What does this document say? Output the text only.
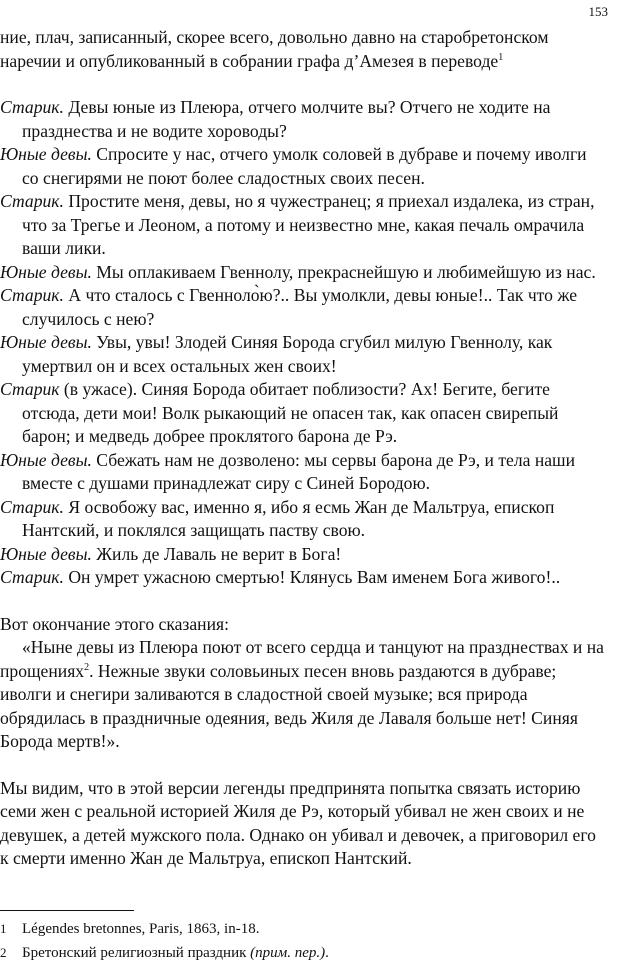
153

ние, плач, записанный, скорее всего, довольно давно на старобретонском наречии и опубликованный в собрании графа д’Амезея в переводе$^1$

Старик. Девы юные из Плеюра, отчего молчите вы? Отчего не ходите на празднества и не водите хороводы?

Юные девы. Спросите у нас, отчего умолк соловей в дубраве и почему иволги со снегирями не поют более сладостных своих песен.

Старик. Простите меня, девы, но я чужестранец; я приехал издалека, из стран, что за Трегье и Леоном, а потому и неизвестно мне, какая печаль омрачила ваши лики.

Юные девы. Мы оплакиваем Гвеннолу, прекраснейшую и любимейшую из нас.

Старик. А что сталось с Гвенноло̀ю?.. Вы умолкли, девы юные!.. Так что же случилось с нею?

Юные девы. Увы, увы! Злодей Синяя Борода сгубил милую Гвеннолу, как умертвил он и всех остальных жен своих!

Старик (в ужасе). Синяя Борода обитает поблизости? Ах! Бегите, бегите отсюда, дети мои! Волк рыкающий не опасен так, как опасен свирепый барон; и медведь добрее проклятого барона де Рэ.

Юные девы. Сбежать нам не дозволено: мы сервы барона де Рэ, и тела наши вместе с душами принадлежат сиру с Синей Бородою.

Старик. Я освобожу вас, именно я, ибо я есмь Жан де Мальтруа, епископ Нантский, и поклялся защищать паству свою.

Юные девы. Жиль де Лаваль не верит в Бога!

Старик. Он умрет ужасною смертью! Клянусь Вам именем Бога живого!..

Вот окончание этого сказания:

«Ныне девы из Плеюра поют от всего сердца и танцуют на празднествах и на прощениях$^2$. Нежные звуки соловьиных песен вновь раздаются в дубраве; иволги и снегири заливаются в сладостной своей музыке; вся природа обрядилась в праздничные одеяния, ведь Жиля де Лаваля больше нет! Синяя Борода мертв!».

Мы видим, что в этой версии легенды предпринята попытка связать историю семи жен с реальной историей Жиля де Рэ, который убивал не жен своих и не девушек, а детей мужского пола. Однако он убивал и девочек, а приговорил его к смерти именно Жан де Мальтруа, епископ Нантский.

1 Légendes bretonnes, Paris, 1863, in-18.
2 Бретонский религиозный праздник (прим. пер.).
